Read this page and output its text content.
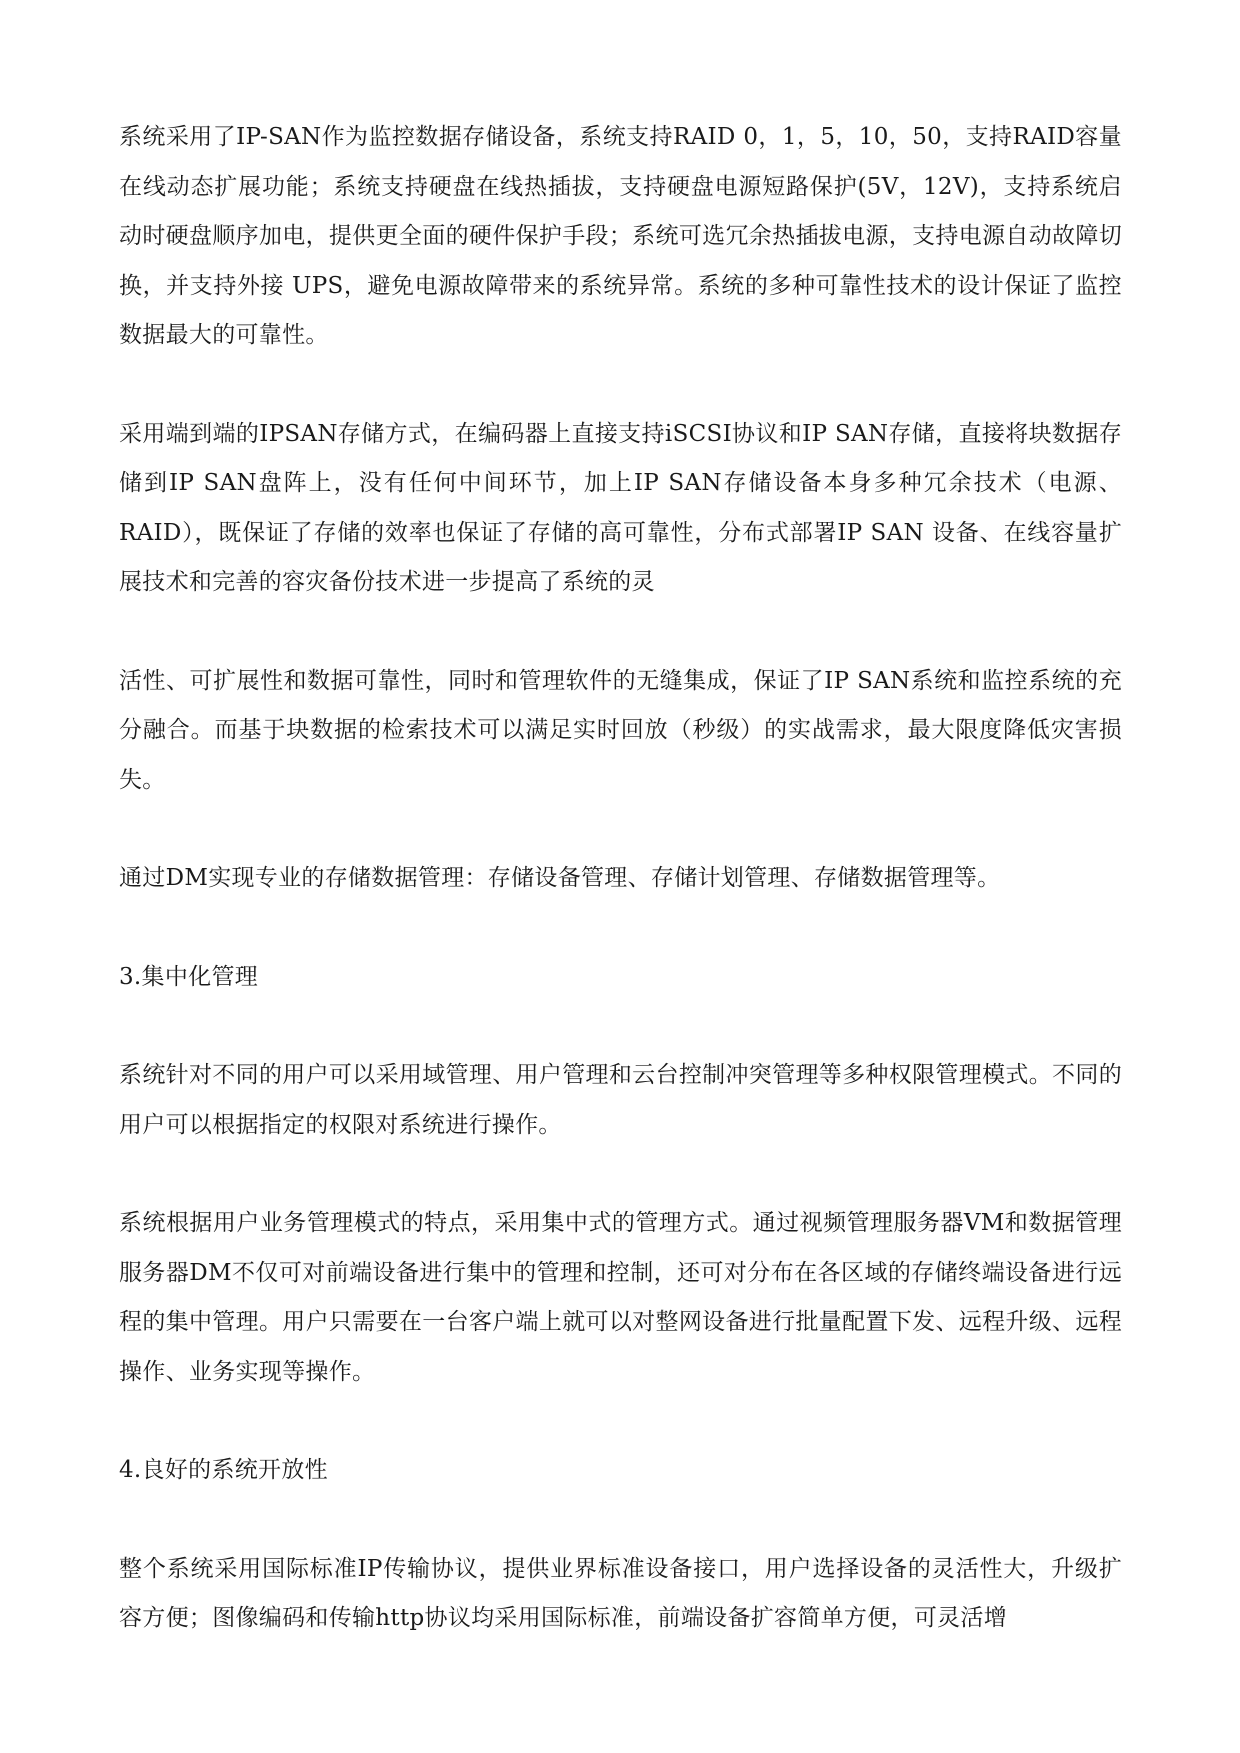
系统采用了IP-SAN作为监控数据存储设备，系统支持RAID 0，1，5，10，50，支持RAID容量在线动态扩展功能；系统支持硬盘在线热插拔，支持硬盘电源短路保护(5V，12V)，支持系统启动时硬盘顺序加电，提供更全面的硬件保护手段；系统可选冗余热插拔电源，支持电源自动故障切换，并支持外接 UPS，避免电源故障带来的系统异常。系统的多种可靠性技术的设计保证了监控数据最大的可靠性。

采用端到端的IPSAN存储方式，在编码器上直接支持iSCSI协议和IP SAN存储，直接将块数据存储到IP SAN盘阵上，没有任何中间环节，加上IP SAN存储设备本身多种冗余技术（电源、RAID），既保证了存储的效率也保证了存储的高可靠性，分布式部署IP SAN 设备、在线容量扩展技术和完善的容灾备份技术进一步提高了系统的灵

活性、可扩展性和数据可靠性，同时和管理软件的无缝集成，保证了IP SAN系统和监控系统的充分融合。而基于块数据的检索技术可以满足实时回放（秒级）的实战需求，最大限度降低灾害损失。

通过DM实现专业的存储数据管理：存储设备管理、存储计划管理、存储数据管理等。

3.集中化管理

系统针对不同的用户可以采用域管理、用户管理和云台控制冲突管理等多种权限管理模式。不同的用户可以根据指定的权限对系统进行操作。

系统根据用户业务管理模式的特点，采用集中式的管理方式。通过视频管理服务器VM和数据管理服务器DM不仅可对前端设备进行集中的管理和控制，还可对分布在各区域的存储终端设备进行远程的集中管理。用户只需要在一台客户端上就可以对整网设备进行批量配置下发、远程升级、远程操作、业务实现等操作。

4.良好的系统开放性

整个系统采用国际标准IP传输协议，提供业界标准设备接口，用户选择设备的灵活性大，升级扩容方便；图像编码和传输http协议均采用国际标准，前端设备扩容简单方便，可灵活增
